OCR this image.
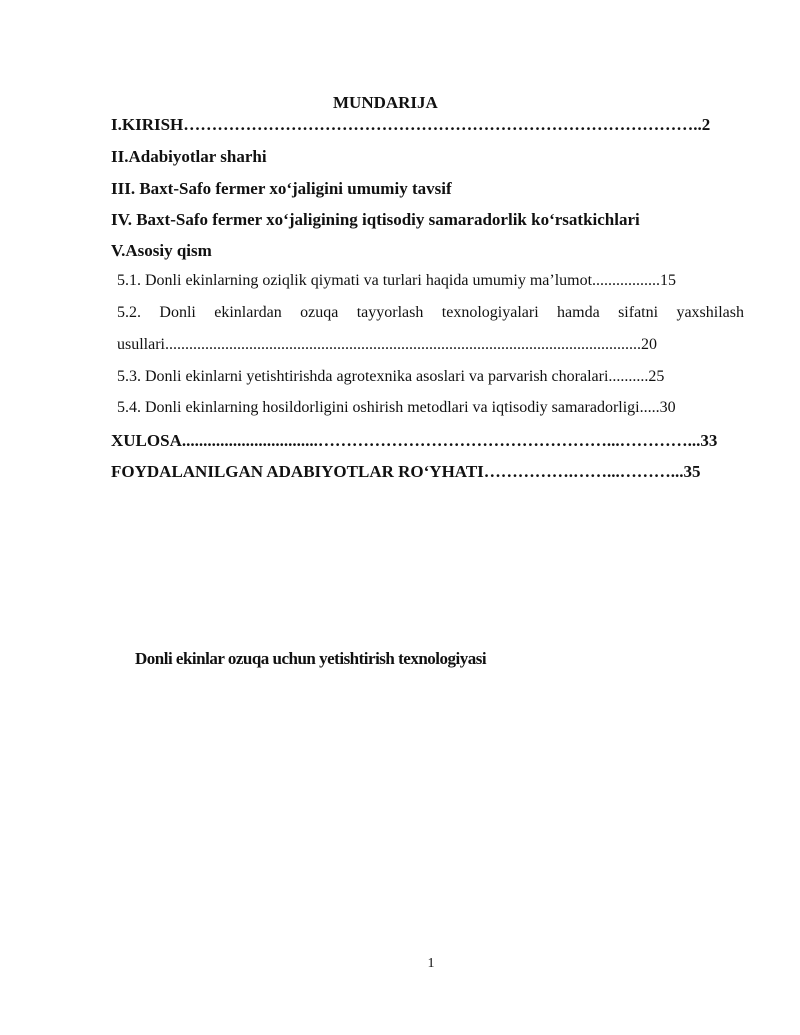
MUNDARIJA
I.KIRISH………………………………………………………………………………..2
II.Adabiyotlar sharhi
III. Baxt-Safo fermer xo‘jaligini umumiy tavsif
IV. Baxt-Safo fermer xo‘jaligining iqtisodiy samaradorlik ko‘rsatkichlari
V.Asosiy qism
5.1. Donli ekinlarning oziqlik qiymati va turlari haqida umumiy ma’lumot.................15
5.2. Donli ekinlardan ozuqa tayyorlash texnologiyalari hamda sifatni yaxshilash
usullari.......................................................................................................................20
5.3. Donli ekinlarni yetishtirishda agrotexnika asoslari va parvarish choralari..........25
5.4. Donli ekinlarning hosildorligini oshirish metodlari va iqtisodiy samaradorligi.....30
XULOSA................................……………………………………………...…………...33
FOYDALANILGAN ADABIYOTLAR RO‘YHATI…………….……...………...35
Donli ekinlar ozuqa uchun yetishtirish texnologiyasi
1
